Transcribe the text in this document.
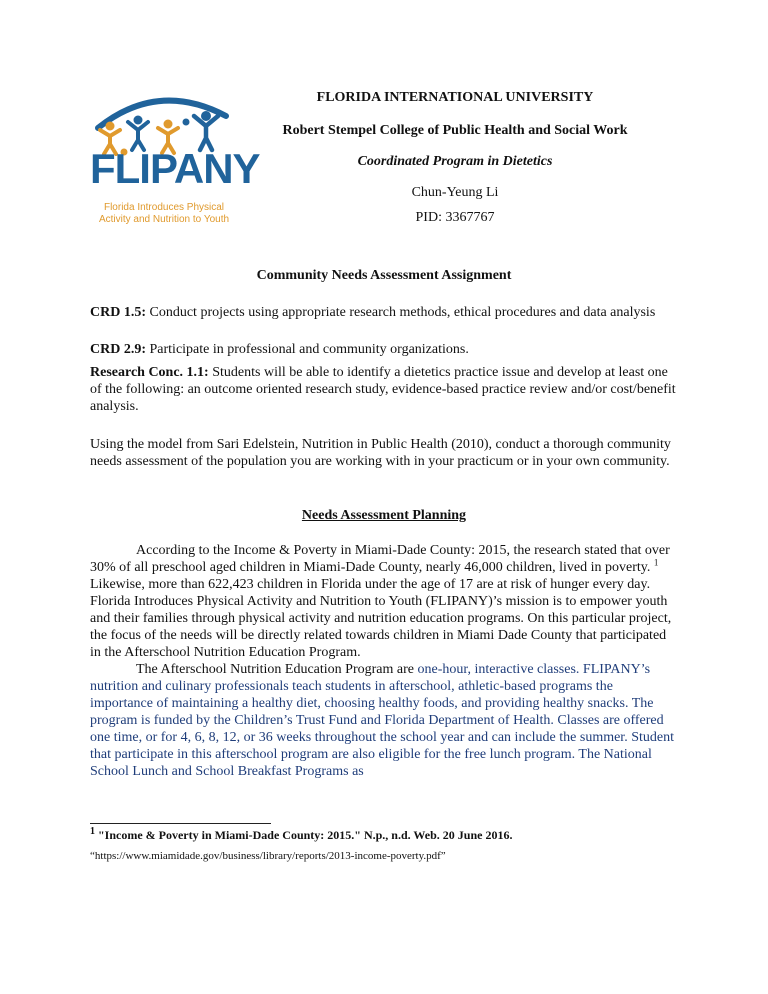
FLIPANY
Florida Introduces Physical Activity and Nutrition to Youth
FLORIDA INTERNATIONAL UNIVERSITY
Robert Stempel College of Public Health and Social Work
Coordinated Program in Dietetics
Chun-Yeung Li
PID: 3367767
Community Needs Assessment Assignment
CRD 1.5: Conduct projects using appropriate research methods, ethical procedures and data analysis
CRD 2.9: Participate in professional and community organizations.
Research Conc. 1.1: Students will be able to identify a dietetics practice issue and develop at least one of the following: an outcome oriented research study, evidence-based practice review and/or cost/benefit analysis.
Using the model from Sari Edelstein, Nutrition in Public Health (2010), conduct a thorough community needs assessment of the population you are working with in your practicum or in your own community.
Needs Assessment Planning

According to the Income & Poverty in Miami-Dade County: 2015, the research stated that over 30% of all preschool aged children in Miami-Dade County, nearly 46,000 children, lived in poverty. $^1$ Likewise, more than 622,423 children in Florida under the age of 17 are at risk of hunger every day. Florida Introduces Physical Activity and Nutrition to Youth (FLIPANY)’s mission is to empower youth and their families through physical activity and nutrition education programs. On this particular project, the focus of the needs will be directly related towards children in Miami Dade County that participated in the Afterschool Nutrition Education Program.

The Afterschool Nutrition Education Program are one-hour, interactive classes. FLIPANY’s nutrition and culinary professionals teach students in afterschool, athletic-based programs the importance of maintaining a healthy diet, choosing healthy foods, and providing healthy snacks. The program is funded by the Children’s Trust Fund and Florida Department of Health. Classes are offered one time, or for 4, 6, 8, 12, or 36 weeks throughout the school year and can include the summer. Student that participate in this afterschool program are also eligible for the free lunch program. The National School Lunch and School Breakfast Programs as

$^1$ "Income & Poverty in Miami-Dade County: 2015." N.p., n.d. Web. 20 June 2016.
“https://www.miamidade.gov/business/library/reports/2013-income-poverty.pdf”
